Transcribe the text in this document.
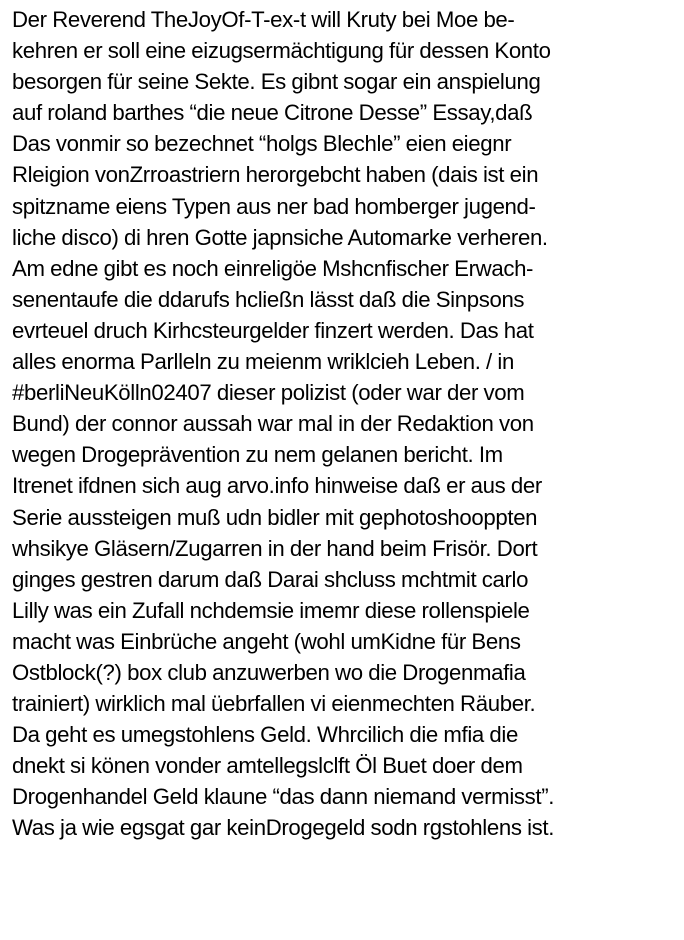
Der Reverend TheJoyOf-T-ex-t will Kruty bei Moe be-
kehren er soll eine eizugsermächtigung für dessen Konto
besorgen für seine Sekte. Es gibnt sogar ein anspielung
auf roland barthes “die neue Citrone Desse” Essay,daß
Das vonmir so bezechnet “holgs Blechle” eien eiegnr
Rleigion vonZrroastriern herorgebcht haben (dais ist ein
spitzname eiens Typen aus ner bad homberger jugend-
liche disco) di hren Gotte japnsiche Automarke verheren.
Am edne gibt es noch einreligöe Mshcnfischer Erwach-
senentaufe die ddarufs hcließn lässt daß die Sinpsons
evrteuel druch Kirhcsteurgelder finzert werden. Das hat
alles enorma Parlleln zu meienm wriklcieh Leben. / in
#berliNeuKölln02407 dieser polizist (oder war der vom
Bund) der connor aussah war mal in der Redaktion von
wegen Drogeprävention zu nem gelanen bericht. Im
Itrenet ifdnen sich aug arvo.info hinweise daß er aus der
Serie aussteigen muß udn bidler mit gephotoshooppten
whsikye Gläsern/Zugarren in der hand beim Frisör. Dort
ginges gestren darum daß Darai shcluss mchtmit carlo
Lilly was ein Zufall nchdemsie imemr diese rollenspiele
macht was Einbrüche angeht (wohl umKidne für Bens
Ostblock(?) box club anzuwerben wo die Drogenmafia
trainiert) wirklich mal üebrfallen vi eienmechten Räuber.
Da geht es umegstohlens Geld. Whrcilich die mfia die
dnekt si könen vonder amtellegslclft Öl Buet doer dem
Drogenhandel Geld klaune “das dann niemand vermisst”.
Was ja wie egsgat gar keinDrogegeld sodn rgstohlens ist.
